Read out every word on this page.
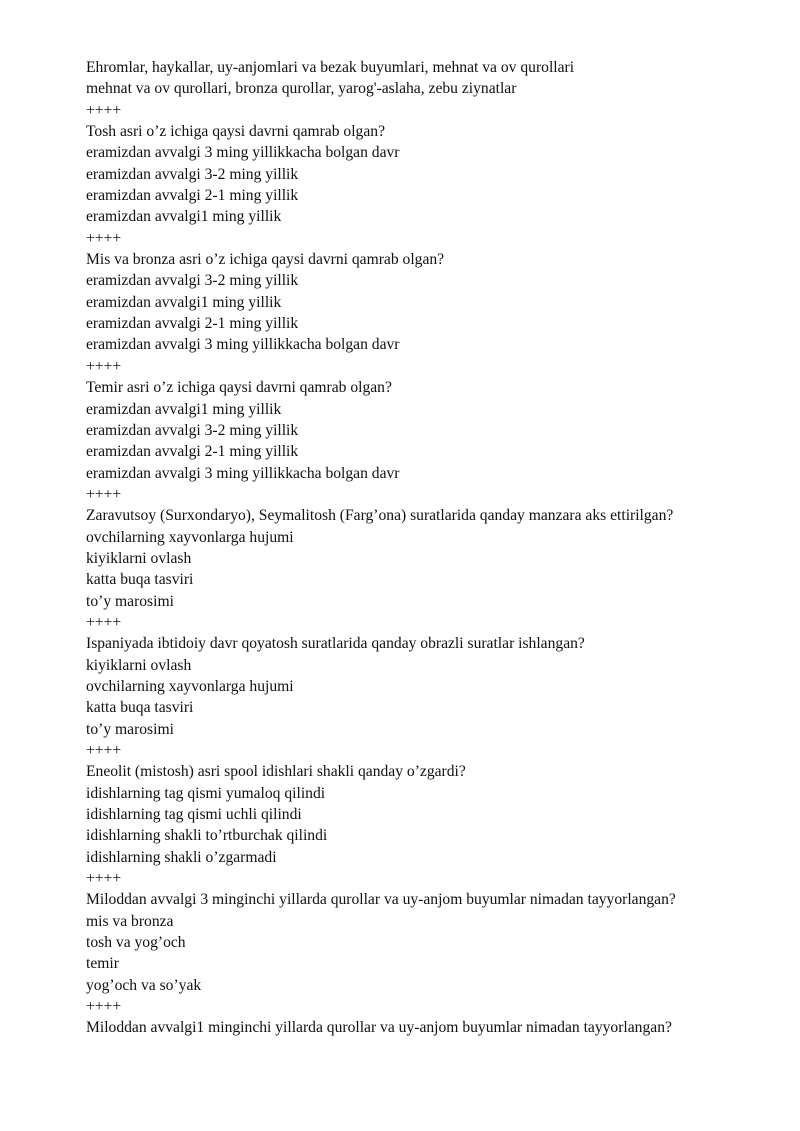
Ehromlar, haykallar, uy-anjomlari va bezak buyumlari, mehnat va ov qurollari
mehnat va ov qurollari, bronza qurollar, yarog'-aslaha, zebu ziynatlar
++++
Tosh asri o’z ichiga qaysi davrni qamrab olgan?
eramizdan avvalgi 3 ming yillikkacha bolgan davr
eramizdan avvalgi 3-2 ming yillik
eramizdan avvalgi 2-1 ming yillik
eramizdan avvalgi1 ming yillik
++++
Mis va bronza asri o’z ichiga qaysi davrni qamrab olgan?
eramizdan avvalgi 3-2 ming yillik
eramizdan avvalgi1 ming yillik
eramizdan avvalgi 2-1 ming yillik
eramizdan avvalgi 3 ming yillikkacha bolgan davr
++++
Temir asri o’z ichiga qaysi davrni qamrab olgan?
eramizdan avvalgi1 ming yillik
eramizdan avvalgi 3-2 ming yillik
eramizdan avvalgi 2-1 ming yillik
eramizdan avvalgi 3 ming yillikkacha bolgan davr
++++
Zaravutsoy (Surxondaryo), Seymalitosh (Farg’ona) suratlarida qanday manzara aks ettirilgan?
ovchilarning xayvonlarga hujumi
kiyiklarni ovlash
katta buqa tasviri
to’y marosimi
++++
Ispaniyada ibtidoiy davr qoyatosh suratlarida qanday obrazli suratlar ishlangan?
kiyiklarni ovlash
ovchilarning xayvonlarga hujumi
katta buqa tasviri
to’y marosimi
++++
Eneolit (mistosh) asri spool idishlari shakli qanday o’zgardi?
idishlarning tag qismi yumaloq qilindi
idishlarning tag qismi uchli qilindi
idishlarning shakli to’rtburchak qilindi
idishlarning shakli o’zgarmadi
++++
Miloddan avvalgi 3 minginchi yillarda qurollar va uy-anjom buyumlar nimadan tayyorlangan?
mis va bronza
tosh va yog’och
temir
yog’och va so’yak
++++
Miloddan avvalgi1 minginchi yillarda qurollar va uy-anjom buyumlar nimadan tayyorlangan?
